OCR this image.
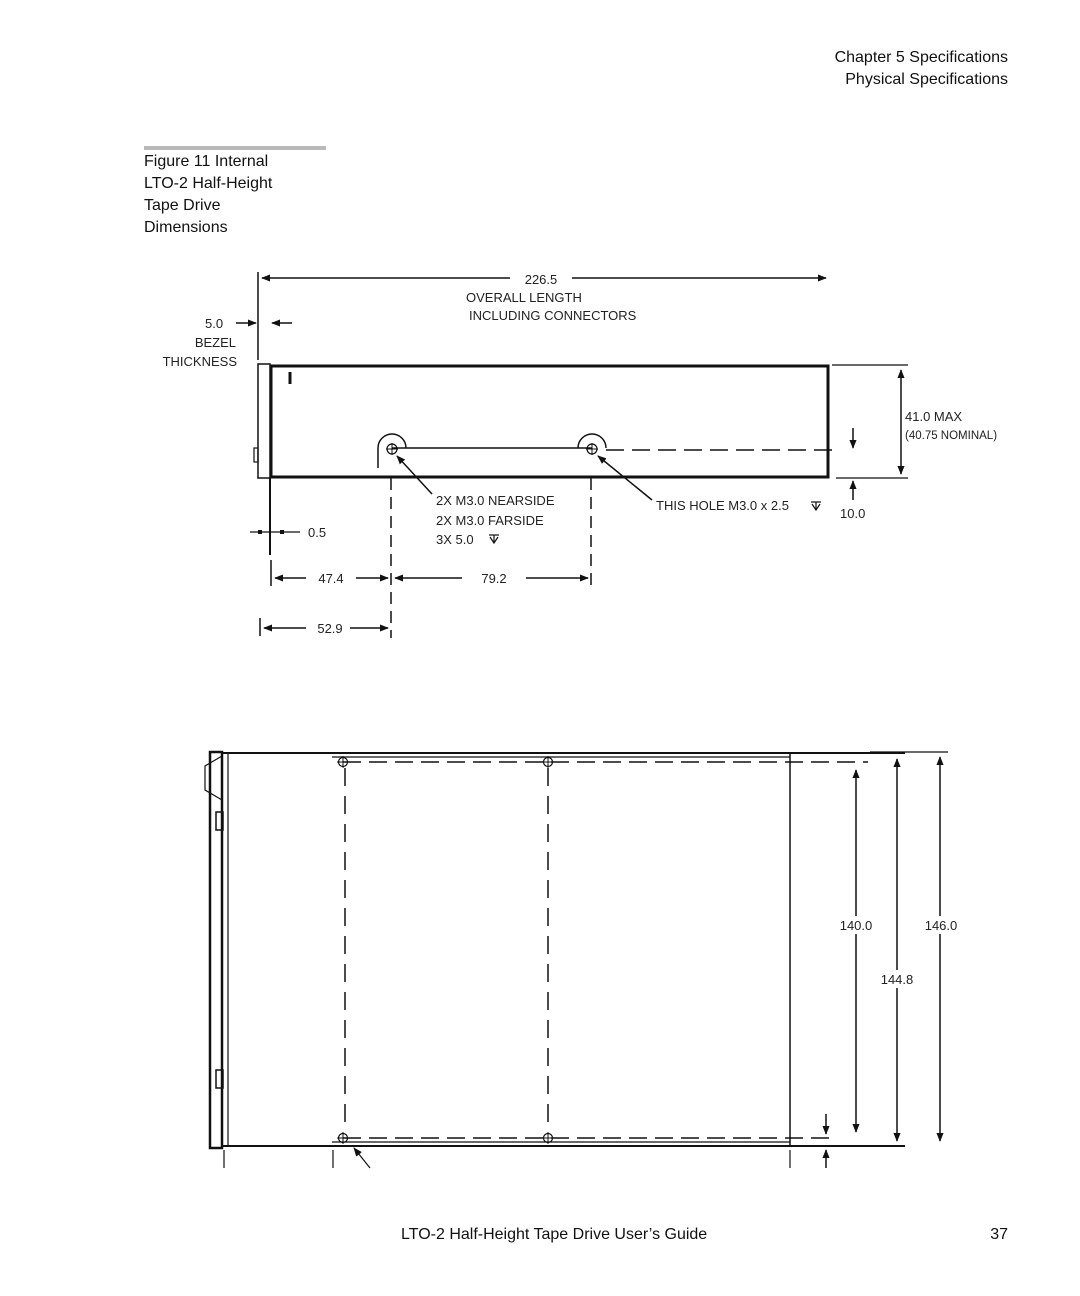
Chapter 5 Specifications
Physical Specifications
Figure 11 Internal
LTO-2 Half-Height
Tape Drive
Dimensions
226.5
OVERALL LENGTH
INCLUDING CONNECTORS
5.0
BEZEL
THICKNESS
41.0 MAX
(40.75 NOMINAL)
10.0
2X M3.0 NEARSIDE
2X M3.0 FARSIDE
3X 5.0
THIS HOLE M3.0 x 2.5
0.5
47.4	79.2
52.9
140.0	146.0
144.8
LTO-2 Half-Height Tape Drive User’s Guide	37
